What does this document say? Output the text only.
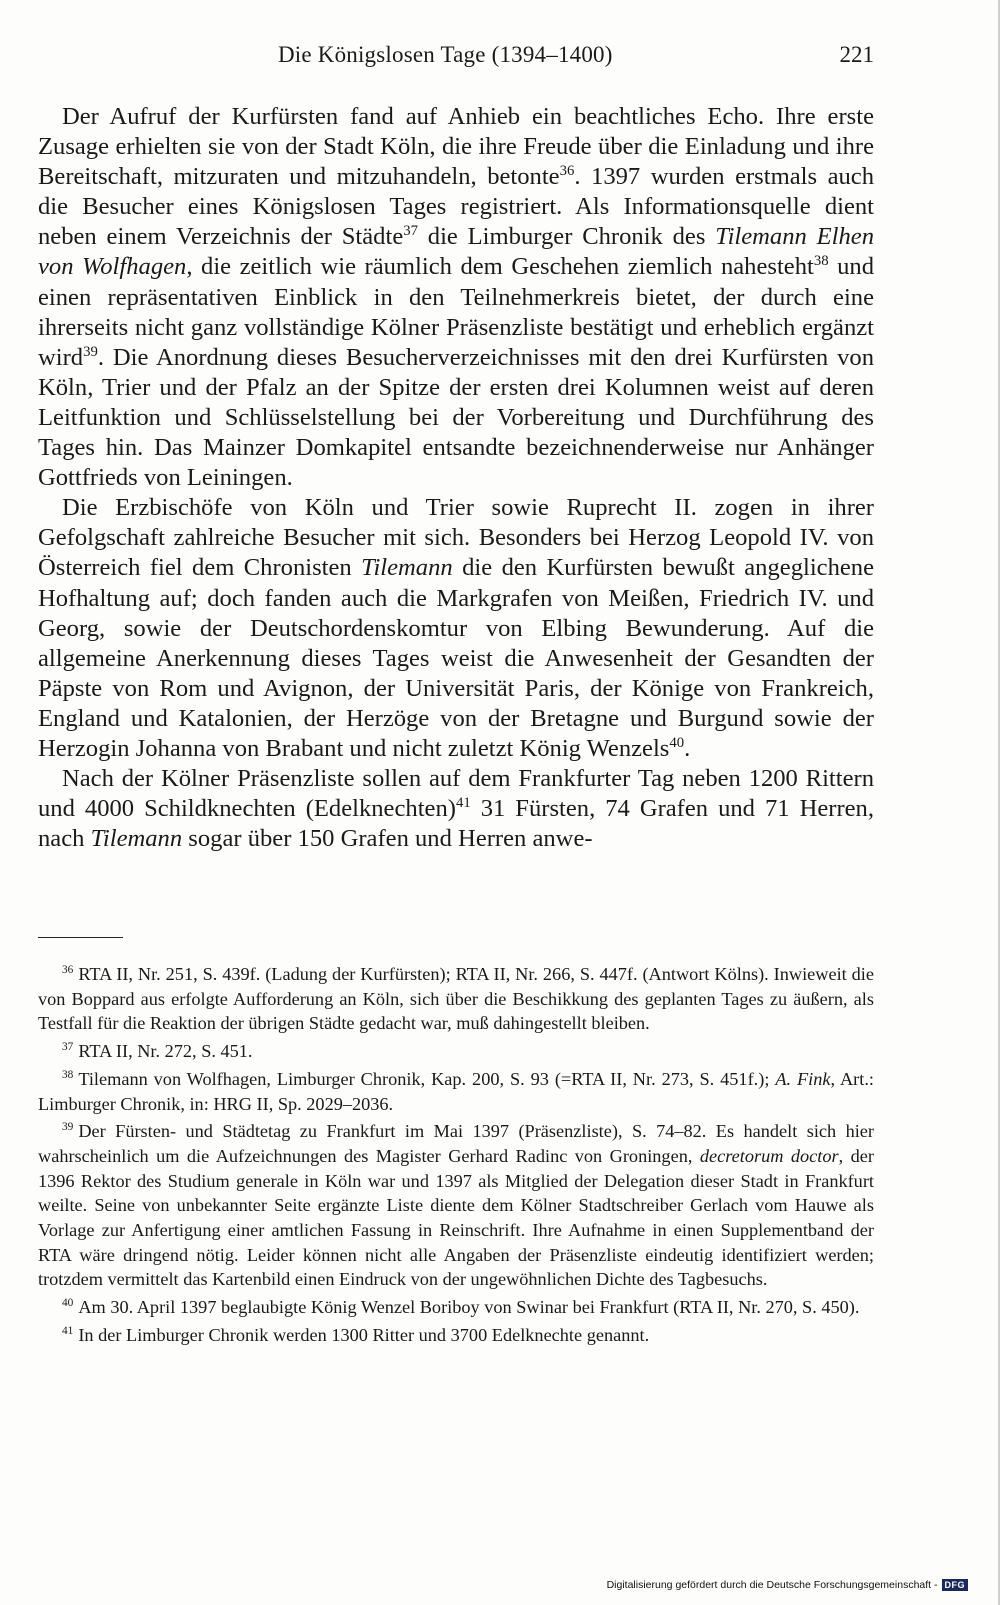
Die Königslosen Tage (1394–1400)	221

Der Aufruf der Kurfürsten fand auf Anhieb ein beachtliches Echo. Ihre erste Zusage erhielten sie von der Stadt Köln, die ihre Freude über die Einladung und ihre Bereitschaft, mitzuraten und mitzuhandeln, betonte$^{36}$. 1397 wurden erstmals auch die Besucher eines Königslosen Tages registriert. Als Informationsquelle dient neben einem Verzeichnis der Städte$^{37}$ die Limburger Chronik des Tilemann Elhen von Wolfhagen, die zeitlich wie räumlich dem Geschehen ziemlich nahesteht$^{38}$ und einen repräsentativen Einblick in den Teilnehmerkreis bietet, der durch eine ihrerseits nicht ganz vollständige Kölner Präsenzliste bestätigt und erheblich ergänzt wird$^{39}$. Die Anordnung dieses Besucherverzeichnisses mit den drei Kurfürsten von Köln, Trier und der Pfalz an der Spitze der ersten drei Kolumnen weist auf deren Leitfunktion und Schlüsselstellung bei der Vorbereitung und Durchführung des Tages hin. Das Mainzer Domkapitel entsandte bezeichnenderweise nur Anhänger Gottfrieds von Leiningen.

Die Erzbischöfe von Köln und Trier sowie Ruprecht II. zogen in ihrer Gefolgschaft zahlreiche Besucher mit sich. Besonders bei Herzog Leopold IV. von Österreich fiel dem Chronisten Tilemann die den Kurfürsten bewußt angeglichene Hofhaltung auf; doch fanden auch die Markgrafen von Meißen, Friedrich IV. und Georg, sowie der Deutschordenskomtur von Elbing Bewunderung. Auf die allgemeine Anerkennung dieses Tages weist die Anwesenheit der Gesandten der Päpste von Rom und Avignon, der Universität Paris, der Könige von Frankreich, England und Katalonien, der Herzöge von der Bretagne und Burgund sowie der Herzogin Johanna von Brabant und nicht zuletzt König Wenzels$^{40}$.

Nach der Kölner Präsenzliste sollen auf dem Frankfurter Tag neben 1200 Rittern und 4000 Schildknechten (Edelknechten)$^{41}$ 31 Fürsten, 74 Grafen und 71 Herren, nach Tilemann sogar über 150 Grafen und Herren anwe-

$^{36}$ RTA II, Nr. 251, S. 439f. (Ladung der Kurfürsten); RTA II, Nr. 266, S. 447f. (Antwort Kölns). Inwieweit die von Boppard aus erfolgte Aufforderung an Köln, sich über die Beschikkung des geplanten Tages zu äußern, als Testfall für die Reaktion der übrigen Städte gedacht war, muß dahingestellt bleiben.

$^{37}$ RTA II, Nr. 272, S. 451.

$^{38}$ Tilemann von Wolfhagen, Limburger Chronik, Kap. 200, S. 93 (=RTA II, Nr. 273, S. 451f.); A. Fink, Art.: Limburger Chronik, in: HRG II, Sp. 2029–2036.

$^{39}$ Der Fürsten- und Städtetag zu Frankfurt im Mai 1397 (Präsenzliste), S. 74–82. Es handelt sich hier wahrscheinlich um die Aufzeichnungen des Magister Gerhard Radinc von Groningen, decretorum doctor, der 1396 Rektor des Studium generale in Köln war und 1397 als Mitglied der Delegation dieser Stadt in Frankfurt weilte. Seine von unbekannter Seite ergänzte Liste diente dem Kölner Stadtschreiber Gerlach vom Hauwe als Vorlage zur Anfertigung einer amtlichen Fassung in Reinschrift. Ihre Aufnahme in einen Supplementband der RTA wäre dringend nötig. Leider können nicht alle Angaben der Präsenzliste eindeutig identifiziert werden; trotzdem vermittelt das Kartenbild einen Eindruck von der ungewöhnlichen Dichte des Tagbesuchs.

$^{40}$ Am 30. April 1397 beglaubigte König Wenzel Boriboy von Swinar bei Frankfurt (RTA II, Nr. 270, S. 450).

$^{41}$ In der Limburger Chronik werden 1300 Ritter und 3700 Edelknechte genannt.

Digitalisierung gefördert durch die Deutsche Forschungsgemeinschaft - DFG
